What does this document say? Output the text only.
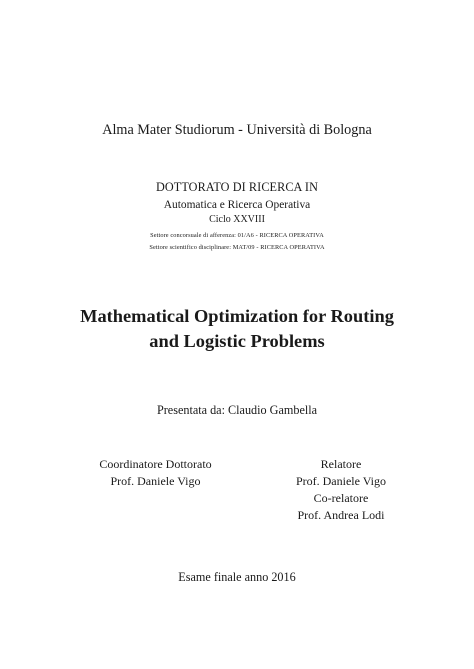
Alma Mater Studiorum - Università di Bologna
DOTTORATO DI RICERCA IN
Automatica e Ricerca Operativa
Ciclo XXVIII
Settore concorsuale di afferenza: 01/A6 - RICERCA OPERATIVA
Settore scientifico disciplinare: MAT/09 - RICERCA OPERATIVA
Mathematical Optimization for Routing
and Logistic Problems
Presentata da: Claudio Gambella
Coordinatore Dottorato
Prof. Daniele Vigo
Relatore
Prof. Daniele Vigo
Co-relatore
Prof. Andrea Lodi
Esame finale anno 2016
